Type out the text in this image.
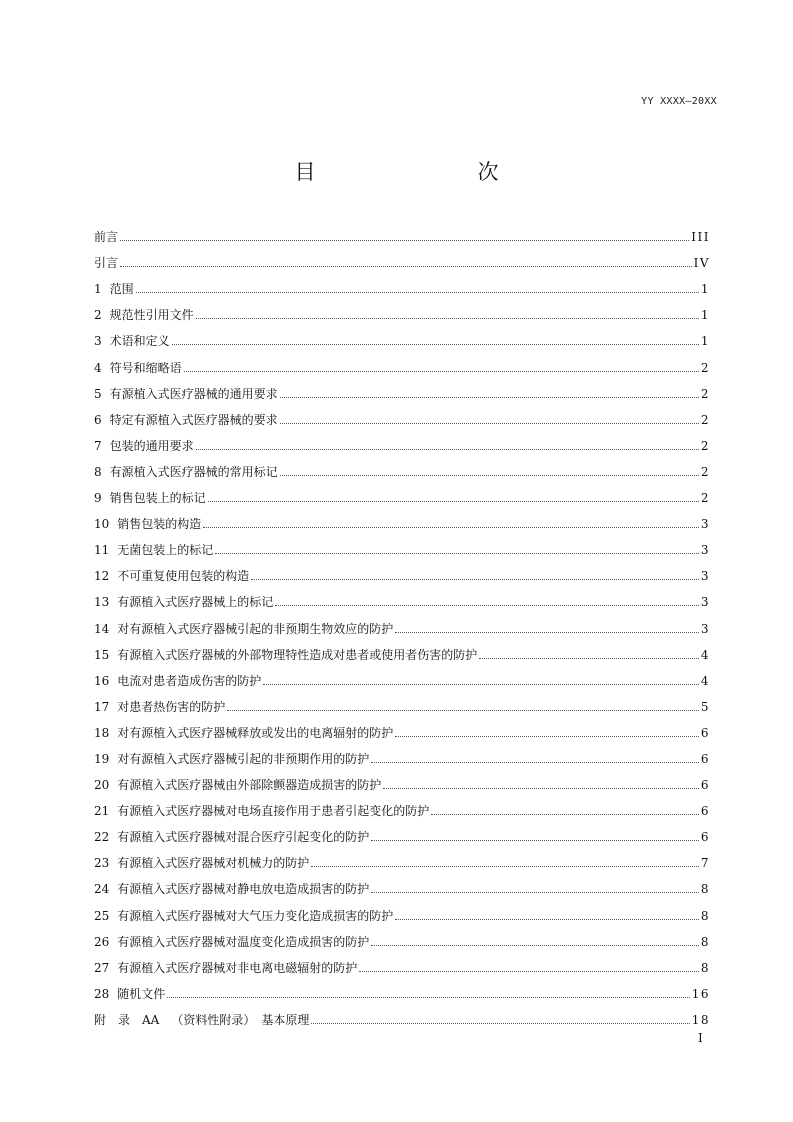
YY XXXX—20XX
目　　次
前言	III
引言	IV
1 范围	1
2 规范性引用文件	1
3 术语和定义	1
4 符号和缩略语	2
5 有源植入式医疗器械的通用要求	2
6 特定有源植入式医疗器械的要求	2
7 包装的通用要求	2
8 有源植入式医疗器械的常用标记	2
9 销售包装上的标记	2
10 销售包装的构造	3
11 无菌包装上的标记	3
12 不可重复使用包装的构造	3
13 有源植入式医疗器械上的标记	3
14 对有源植入式医疗器械引起的非预期生物效应的防护	3
15 有源植入式医疗器械的外部物理特性造成对患者或使用者伤害的防护	4
16 电流对患者造成伤害的防护	4
17 对患者热伤害的防护	5
18 对有源植入式医疗器械释放或发出的电离辐射的防护	6
19 对有源植入式医疗器械引起的非预期作用的防护	6
20 有源植入式医疗器械由外部除颤器造成损害的防护	6
21 有源植入式医疗器械对电场直接作用于患者引起变化的防护	6
22 有源植入式医疗器械对混合医疗引起变化的防护	6
23 有源植入式医疗器械对机械力的防护	7
24 有源植入式医疗器械对静电放电造成损害的防护	8
25 有源植入式医疗器械对大气压力变化造成损害的防护	8
26 有源植入式医疗器械对温度变化造成损害的防护	8
27 有源植入式医疗器械对非电离电磁辐射的防护	8
28 随机文件	16
附　录　AA （资料性附录）　基本原理	18
I
